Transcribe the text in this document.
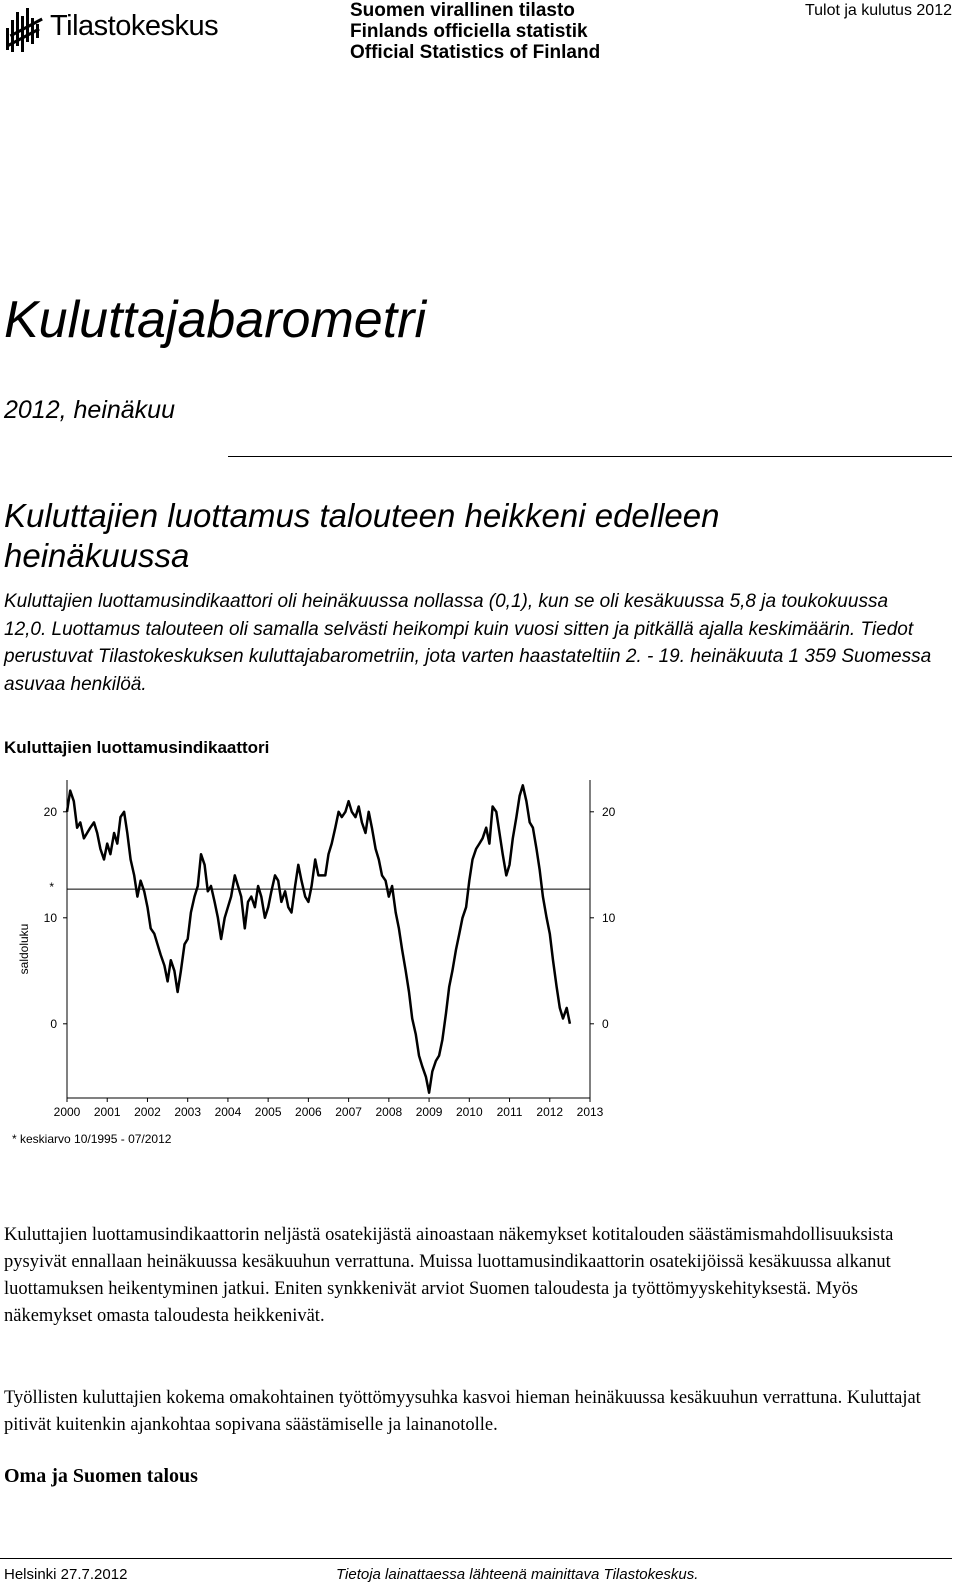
Tilastokeskus	Suomen virallinen tilasto
Finlands officiella statistik
Official Statistics of Finland
Tulot ja kulutus 2012
Kuluttajabarometri
2012, heinäkuu
Kuluttajien luottamus talouteen heikkeni edelleen heinäkuussa
Kuluttajien luottamusindikaattori oli heinäkuussa nollassa (0,1), kun se oli kesäkuussa 5,8 ja toukokuussa 12,0. Luottamus talouteen oli samalla selvästi heikompi kuin vuosi sitten ja pitkällä ajalla keskimäärin. Tiedot perustuvat Tilastokeskuksen kuluttajabarometriin, jota varten haastateltiin 2. - 19. heinäkuuta 1 359 Suomessa asuvaa henkilöä.
Kuluttajien luottamusindikaattori
20	20
10	10
0	0
*
2000 2001 2002 2003 2004 2005 2006 2007 2008 2009 2010 2011 2012 2013
saldoluku
* keskiarvo 10/1995 - 07/2012
Kuluttajien luottamusindikaattorin neljästä osatekijästä ainoastaan näkemykset kotitalouden säästämismahdollisuuksista pysyivät ennallaan heinäkuussa kesäkuuhun verrattuna. Muissa luottamusindikaattorin osatekijöissä kesäkuussa alkanut luottamuksen heikentyminen jatkui. Eniten synkkenivät arviot Suomen taloudesta ja työttömyyskehityksestä. Myös näkemykset omasta taloudesta heikkenivät.
Työllisten kuluttajien kokema omakohtainen työttömyysuhka kasvoi hieman heinäkuussa kesäkuuhun verrattuna. Kuluttajat pitivät kuitenkin ajankohtaa sopivana säästämiselle ja lainanotolle.
Oma ja Suomen talous
Helsinki 27.7.2012	Tietoja lainattaessa lähteenä mainittava Tilastokeskus.
